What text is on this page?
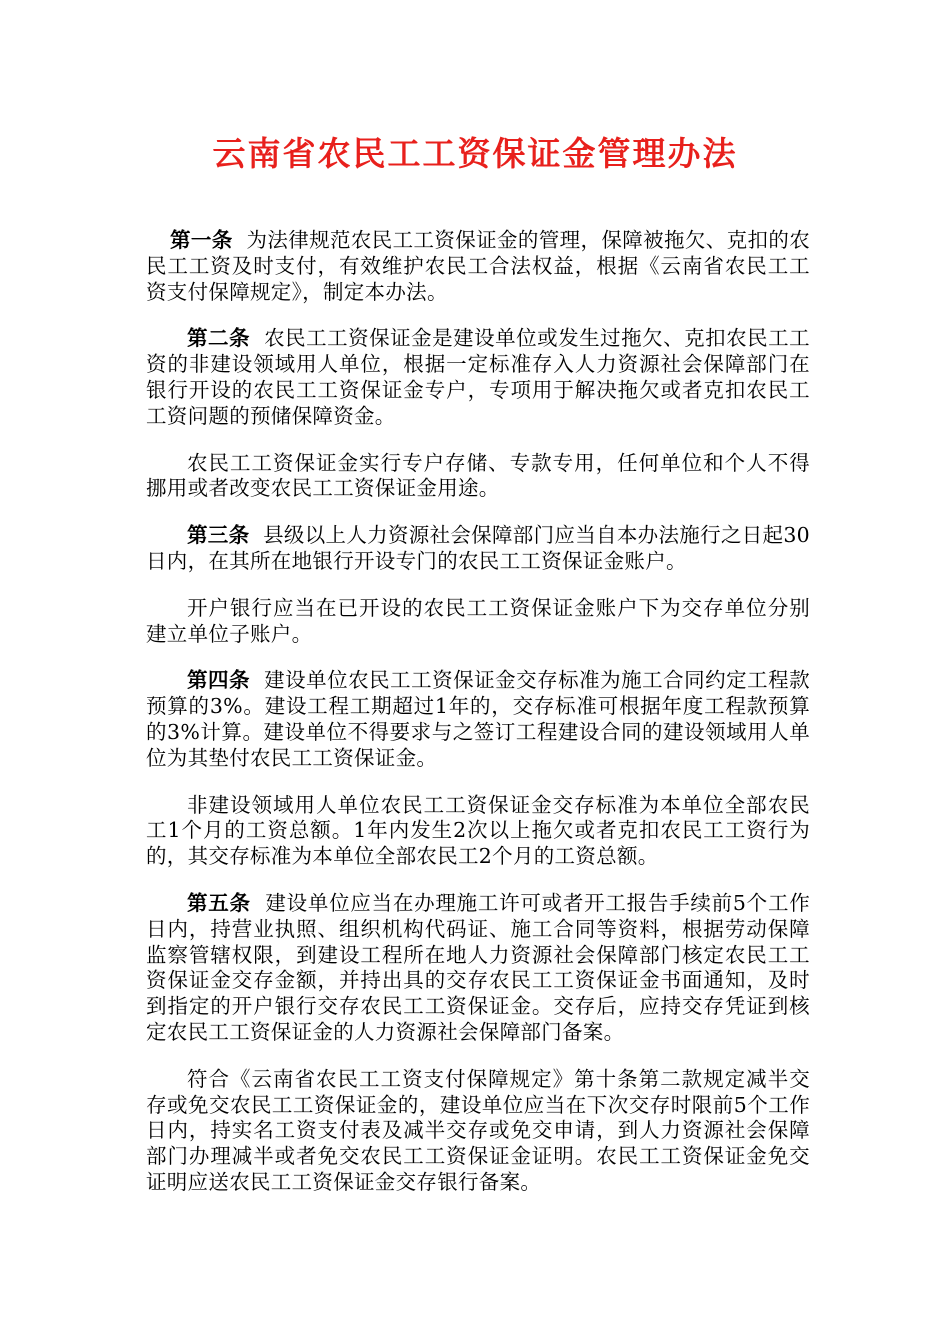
云南省农民工工资保证金管理办法

第一条 为法律规范农民工工资保证金的管理，保障被拖欠、克扣的农民工工资及时支付，有效维护农民工合法权益，根据《云南省农民工工资支付保障规定》，制定本办法。

第二条 农民工工资保证金是建设单位或发生过拖欠、克扣农民工工资的非建设领域用人单位，根据一定标准存入人力资源社会保障部门在银行开设的农民工工资保证金专户，专项用于解决拖欠或者克扣农民工工资问题的预储保障资金。

农民工工资保证金实行专户存储、专款专用，任何单位和个人不得挪用或者改变农民工工资保证金用途。

第三条 县级以上人力资源社会保障部门应当自本办法施行之日起30日内，在其所在地银行开设专门的农民工工资保证金账户。

开户银行应当在已开设的农民工工资保证金账户下为交存单位分别建立单位子账户。

第四条 建设单位农民工工资保证金交存标准为施工合同约定工程款预算的3%。建设工程工期超过1年的，交存标准可根据年度工程款预算的3%计算。建设单位不得要求与之签订工程建设合同的建设领域用人单位为其垫付农民工工资保证金。

非建设领域用人单位农民工工资保证金交存标准为本单位全部农民工1个月的工资总额。1年内发生2次以上拖欠或者克扣农民工工资行为的，其交存标准为本单位全部农民工2个月的工资总额。

第五条 建设单位应当在办理施工许可或者开工报告手续前5个工作日内，持营业执照、组织机构代码证、施工合同等资料，根据劳动保障监察管辖权限，到建设工程所在地人力资源社会保障部门核定农民工工资保证金交存金额，并持出具的交存农民工工资保证金书面通知，及时到指定的开户银行交存农民工工资保证金。交存后，应持交存凭证到核定农民工工资保证金的人力资源社会保障部门备案。

符合《云南省农民工工资支付保障规定》第十条第二款规定减半交存或免交农民工工资保证金的，建设单位应当在下次交存时限前5个工作日内，持实名工资支付表及减半交存或免交申请，到人力资源社会保障部门办理减半或者免交农民工工资保证金证明。农民工工资保证金免交证明应送农民工工资保证金交存银行备案。
